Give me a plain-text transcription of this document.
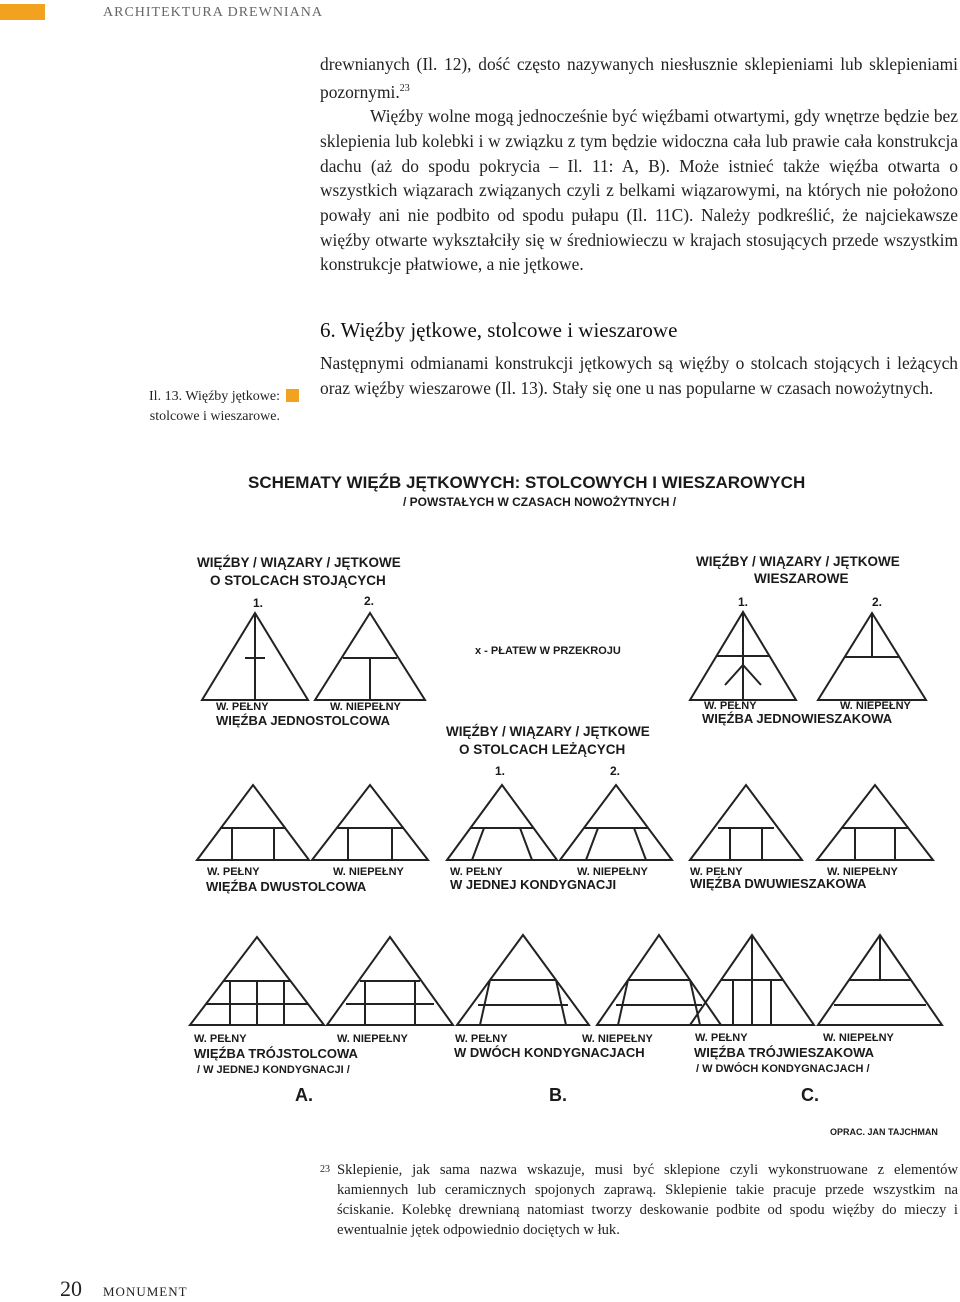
ARCHITEKTURA DREWNIANA
Il. 13. Więźby jętkowe:
stolcowe i wieszarowe.

drewnianych (Il. 12), dość często nazywanych niesłusznie sklepieniami lub sklepieniami pozornymi.$^{23}$

Więźby wolne mogą jednocześnie być więźbami otwartymi, gdy wnętrze będzie bez sklepienia lub kolebki i w związku z tym będzie widoczna cała lub prawie cała konstrukcja dachu (aż do spodu pokrycia – Il. 11: A, B). Może istnieć także więźba otwarta o wszystkich wiązarach związanych czyli z belkami wiązarowymi, na których nie położono powały ani nie podbito od spodu pułapu (Il. 11C). Należy podkreślić, że najciekawsze więźby otwarte wykształciły się w średniowieczu w krajach stosujących przede wszystkim konstrukcje płatwiowe, a nie jętkowe.

6. Więźby jętkowe, stolcowe i wieszarowe
Następnymi odmianami konstrukcji jętkowych są więźby o stolcach stojących i leżących oraz więźby wieszarowe (Il. 13). Stały się one u nas popularne w czasach nowożytnych.
SCHEMATY WIĘŹB JĘTKOWYCH: STOLCOWYCH I WIESZAROWYCH
/ POWSTAŁYCH W CZASACH NOWOŻYTNYCH /
WIĘŹBY / WIĄZARY / JĘTKOWE
O STOLCACH STOJĄCYCH
1.	2.
WIĘŹBY / WIĄZARY / JĘTKOWE
WIESZAROWE
1.	2.
x - PŁATEW W PRZEKROJU
W. PEŁNY	W. NIEPEŁNY
WIĘŹBA JEDNOSTOLCOWA
W. PEŁNY	W. NIEPEŁNY
WIĘŹBA JEDNOWIESZAKOWA
WIĘŹBY / WIĄZARY / JĘTKOWE
O STOLCACH LEŻĄCYCH
1.	2.
W. PEŁNY	W. NIEPEŁNY
WIĘŹBA DWUSTOLCOWA
W. PEŁNY	W. NIEPEŁNY
W JEDNEJ KONDYGNACJI
W. PEŁNY	W. NIEPEŁNY
WIĘŹBA DWUWIESZAKOWA
W. PEŁNY	W. NIEPEŁNY
WIĘŹBA TRÓJSTOLCOWA
/ W JEDNEJ KONDYGNACJI /
W. PEŁNY	W. NIEPEŁNY
W DWÓCH KONDYGNACJACH
W. PEŁNY	W. NIEPEŁNY
WIĘŹBA TRÓJWIESZAKOWA
/ W DWÓCH KONDYGNACJACH /
A.	B.	C.
OPRAC. JAN TAJCHMAN
23 Sklepienie, jak sama nazwa wskazuje, musi być sklepione czyli wykonstruowane z elementów kamiennych lub ceramicznych spojonych zaprawą. Sklepienie takie pracuje przede wszystkim na ściskanie. Kolebkę drewnianą natomiast tworzy deskowanie podbite od spodu więźby do mieczy i ewentualnie jętek odpowiednio dociętych w łuk.
20 MONUMENT
